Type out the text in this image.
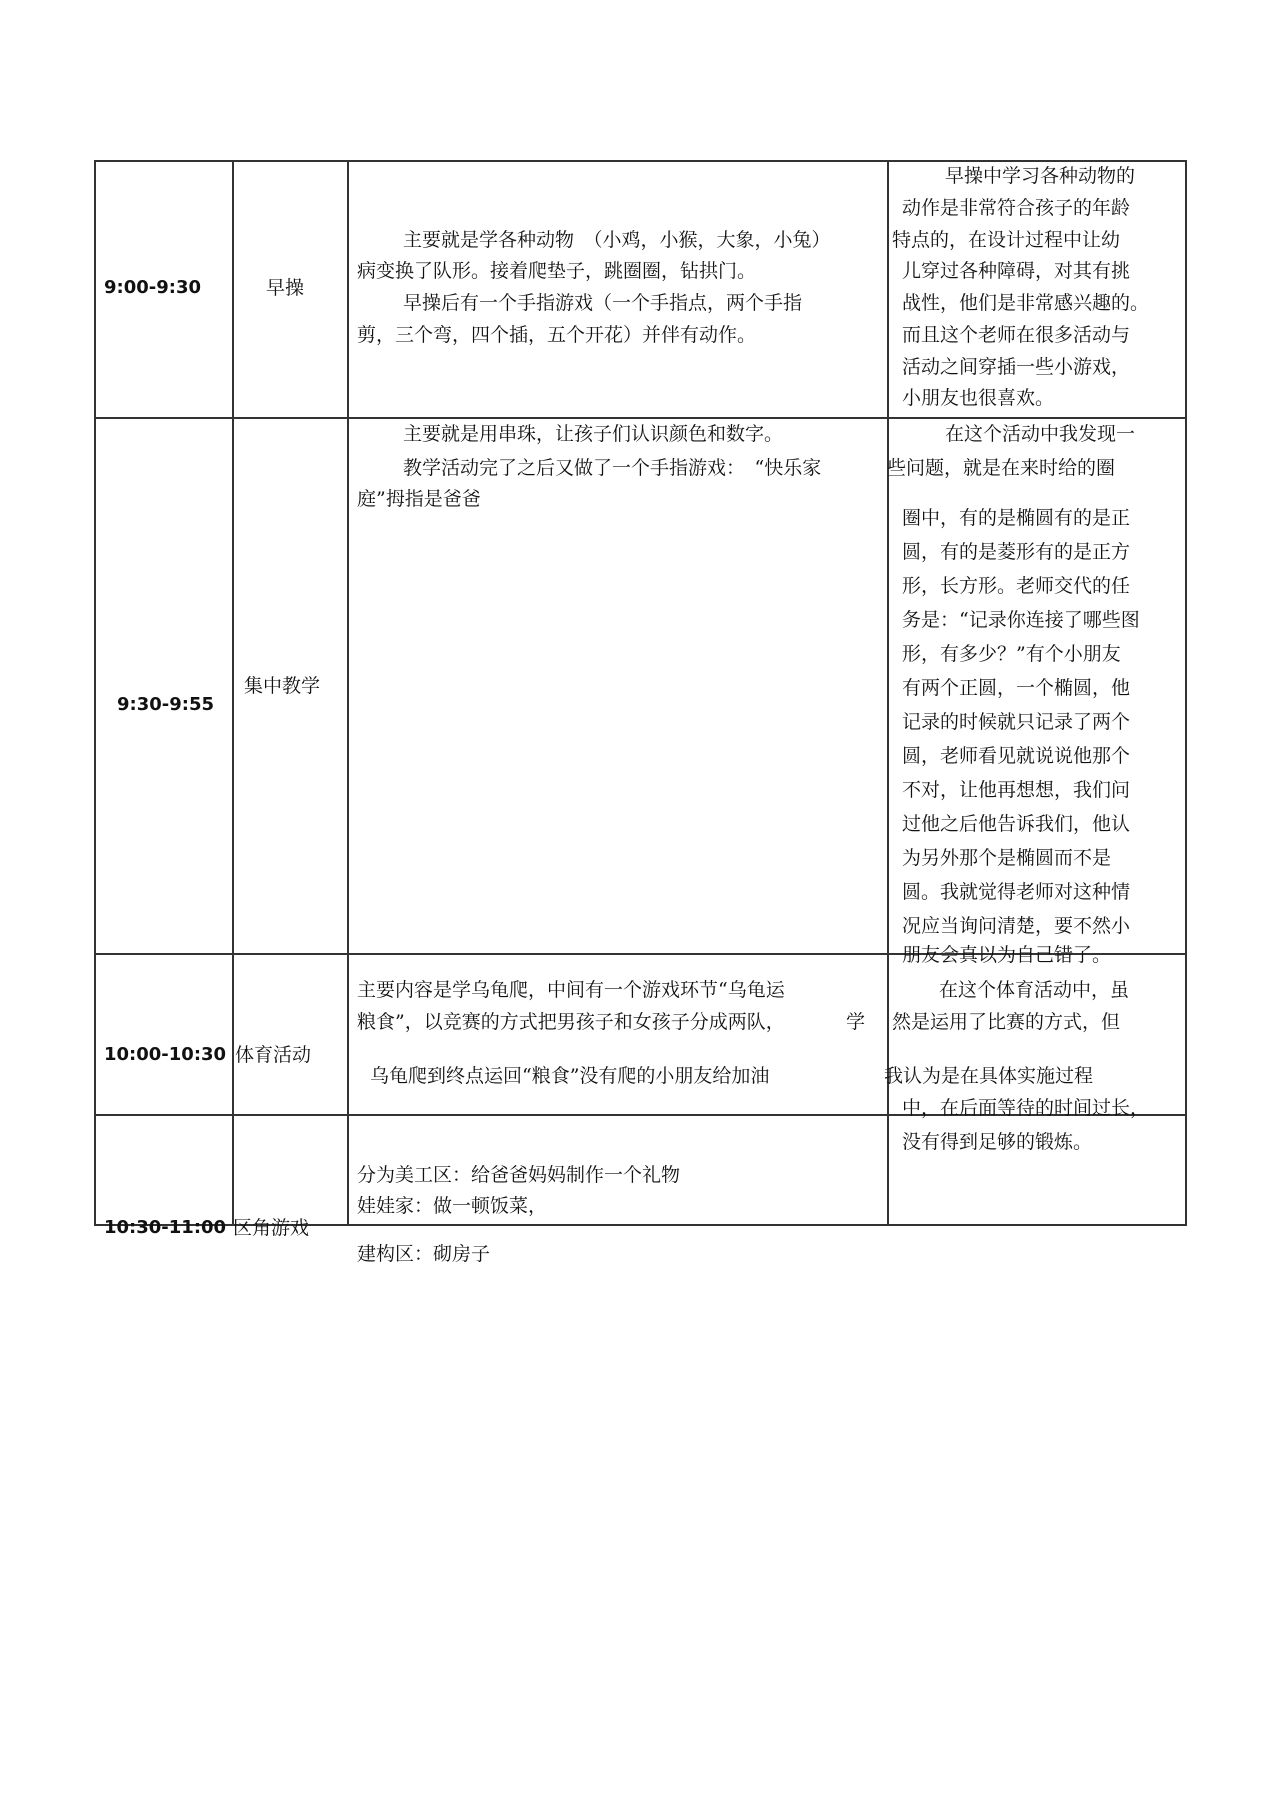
9:00-9:30	早操
主要就是学各种动物　（小鸡，小猴，大象，小兔）
病变换了队形。接着爬垫子，跳圈圈，钻拱门。
早操后有一个手指游戏（一个手指点，两个手指
剪，三个弯，四个插，五个开花）并伴有动作。
早操中学习各种动物的
动作是非常符合孩子的年龄
特点的，在设计过程中让幼
儿穿过各种障碍，对其有挑
战性，他们是非常感兴趣的。
而且这个老师在很多活动与
活动之间穿插一些小游戏，
小朋友也很喜欢。
9:30-9:55
集中教学
主要就是用串珠，让孩子们认识颜色和数字。
教学活动完了之后又做了一个手指游戏：　“快乐家
庭”拇指是爸爸
在这个活动中我发现一
些问题，就是在来时给的圈
圈中，有的是椭圆有的是正
圆，有的是菱形有的是正方
形，长方形。老师交代的任
务是：“记录你连接了哪些图
形，有多少？”有个小朋友
有两个正圆，一个椭圆，他
记录的时候就只记录了两个
圆，老师看见就说说他那个
不对，让他再想想，我们问
过他之后他告诉我们，他认
为另外那个是椭圆而不是
圆。我就觉得老师对这种情
况应当询问清楚，要不然小
朋友会真以为自己错了。
10:00-10:30 体育活动
主要内容是学乌龟爬，中间有一个游戏环节“乌龟运
粮食”，以竞赛的方式把男孩子和女孩子分成两队，	学
乌龟爬到终点运回“粮食”没有爬的小朋友给加油
在这个体育活动中，虽
然是运用了比赛的方式，但
我认为是在具体实施过程
中，在后面等待的时间过长，
没有得到足够的锻炼。
10:30-11:00 区角游戏
分为美工区：给爸爸妈妈制作一个礼物
娃娃家：做一顿饭菜，
建构区：砌房子
